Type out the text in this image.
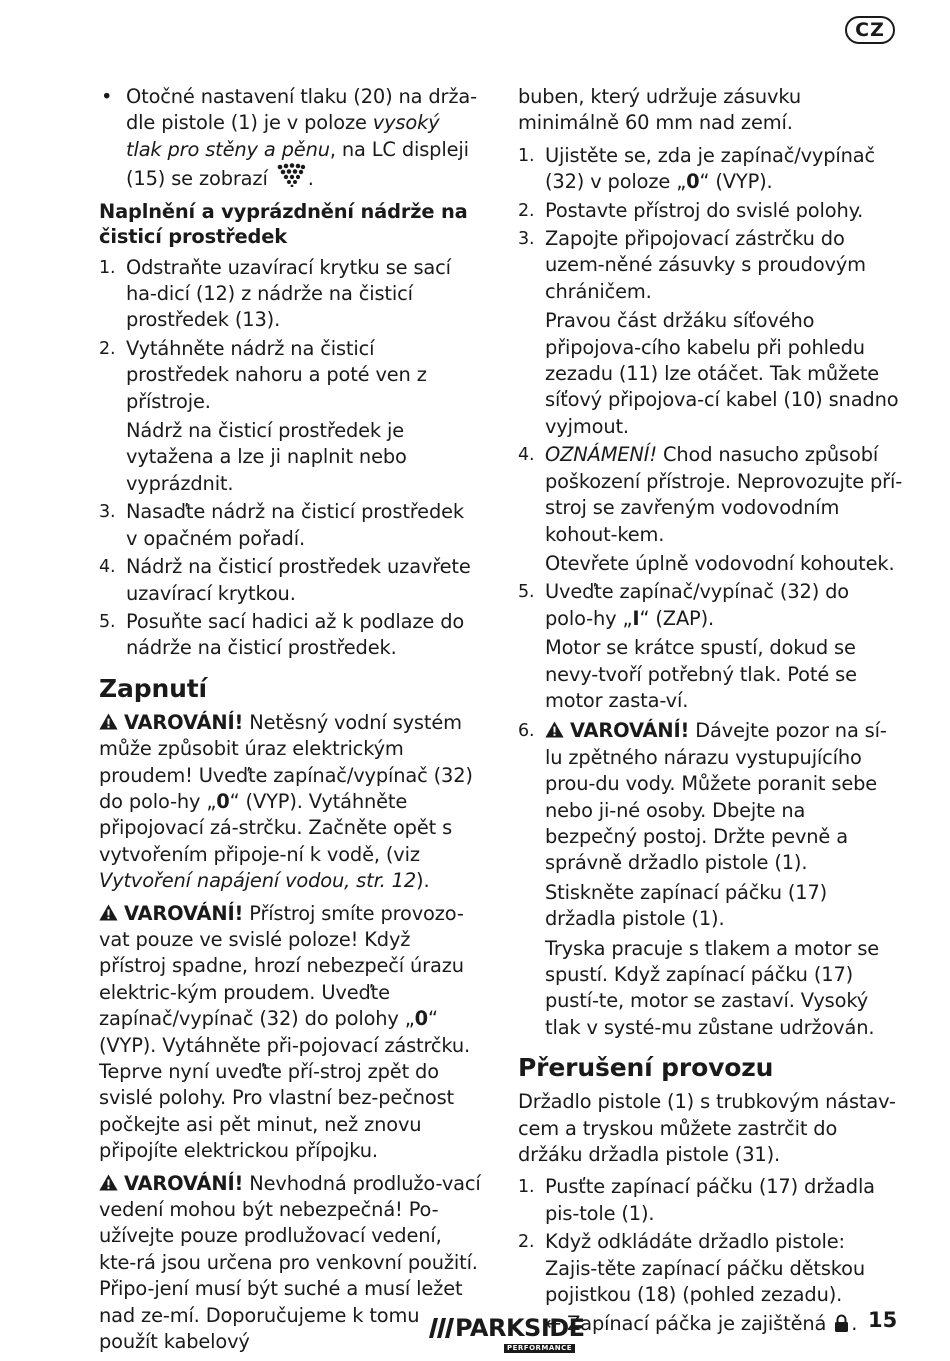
CZ

• Otočné nastavení tlaku (20) na drža-dle pistole (1) je v poloze vysoký tlak pro stěny a pěnu, na LC displeji (15) se zobrazí .

Naplnění a vyprázdnění nádrže na čisticí prostředek
1. Odstraňte uzavírací krytku se sací ha-dicí (12) z nádrže na čisticí prostředek (13).
2. Vytáhněte nádrž na čisticí prostředek nahoru a poté ven z přístroje.
Nádrž na čisticí prostředek je vytažena a lze ji naplnit nebo vyprázdnit.
3. Nasaďte nádrž na čisticí prostředek v opačném pořadí.
4. Nádrž na čisticí prostředek uzavřete uzavírací krytkou.
5. Posuňte sací hadici až k podlaze do nádrže na čisticí prostředek.
Zapnutí

VAROVÁNÍ! Netěsný vodní systém může způsobit úraz elektrickým proudem! Uveďte zapínač/vypínač (32) do polo-hy „0“ (VYP). Vytáhněte připojovací zá-strčku. Začněte opět s vytvořením připoje-ní k vodě, (viz Vytvoření napájení vodou, str. 12).

VAROVÁNÍ! Přístroj smíte provozo-vat pouze ve svislé poloze! Když přístroj spadne, hrozí nebezpečí úrazu elektric-kým proudem. Uveďte zapínač/vypínač (32) do polohy „0“ (VYP). Vytáhněte při-pojovací zástrčku. Teprve nyní uveďte pří-stroj zpět do svislé polohy. Pro vlastní bez-pečnost počkejte asi pět minut, než znovu připojíte elektrickou přípojku.

VAROVÁNÍ! Nevhodná prodlužo-vací vedení mohou být nebezpečná! Po-užívejte pouze prodlužovací vedení, kte-rá jsou určena pro venkovní použití. Připo-jení musí být suché a musí ležet nad ze-mí. Doporučujeme k tomu použít kabelový

buben, který udržuje zásuvku minimálně 60 mm nad zemí.

1. Ujistěte se, zda je zapínač/vypínač (32) v poloze „0“ (VYP).
2. Postavte přístroj do svislé polohy.
3. Zapojte připojovací zástrčku do uzem-něné zásuvky s proudovým chráničem.
Pravou část držáku síťového připojova-cího kabelu při pohledu zezadu (11) lze otáčet. Tak můžete síťový připojova-cí kabel (10) snadno vyjmout.
4. OZNÁMENÍ! Chod nasucho způsobí poškození přístroje. Neprovozujte pří-stroj se zavřeným vodovodním kohout-kem.
Otevřete úplně vodovodní kohoutek.
5. Uveďte zapínač/vypínač (32) do polo-hy „I“ (ZAP).
Motor se krátce spustí, dokud se nevy-tvoří potřebný tlak. Poté se motor zasta-ví.
6. VAROVÁNÍ! Dávejte pozor na sí-lu zpětného nárazu vystupujícího prou-du vody. Můžete poranit sebe nebo ji-né osoby. Dbejte na bezpečný postoj. Držte pevně a správně držadlo pistole (1).
Stiskněte zapínací páčku (17) držadla pistole (1).
Tryska pracuje s tlakem a motor se spustí. Když zapínací páčku (17) pustí-te, motor se zastaví. Vysoký tlak v systé-mu zůstane udržován.
Přerušení provozu

Držadlo pistole (1) s trubkovým nástav-cem a tryskou můžete zastrčit do držáku držadla pistole (31).

1. Pusťte zapínací páčku (17) držadla pis-tole (1).
2. Když odkládáte držadlo pistole: Zajis-těte zapínací páčku dětskou pojistkou (18) (pohled zezadu).
← Zapínací páčka je zajištěná .
PARKSIDE
PERFORMANCE
15
